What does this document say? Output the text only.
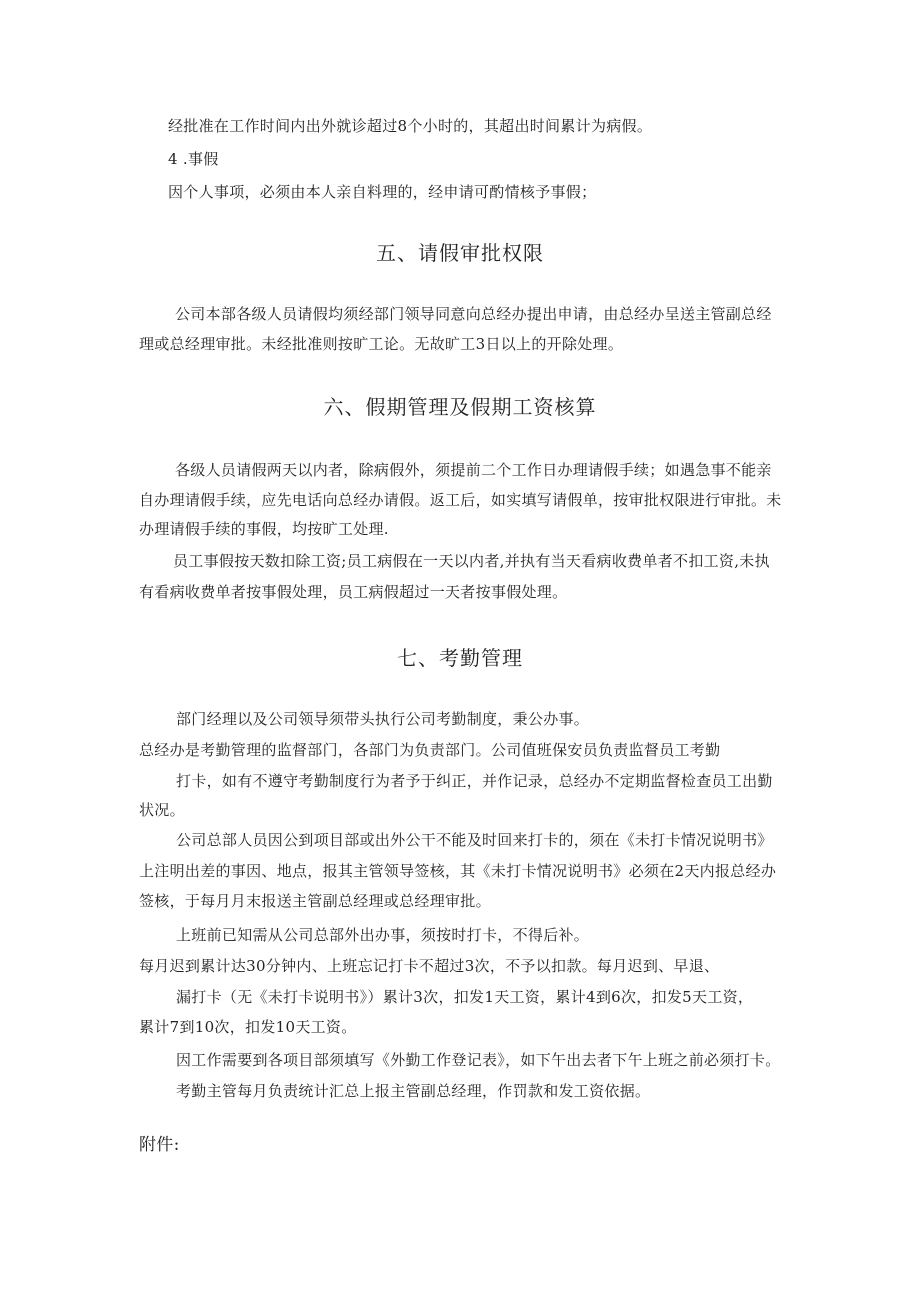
经批准在工作时间内出外就诊超过8个小时的，其超出时间累计为病假。
4 .事假
因个人事项，必须由本人亲自料理的，经申请可酌情核予事假；
五、请假审批权限
公司本部各级人员请假均须经部门领导同意向总经办提出申请，由总经办呈送主管副总经
理或总经理审批。未经批准则按旷工论。无故旷工3日以上的开除处理。
六、假期管理及假期工资核算
各级人员请假两天以内者，除病假外，须提前二个工作日办理请假手续；如遇急事不能亲
自办理请假手续，应先电话向总经办请假。返工后，如实填写请假单，按审批权限进行审批。未
办理请假手续的事假，均按旷工处理.
员工事假按天数扣除工资;员工病假在一天以内者,并执有当天看病收费单者不扣工资,未执
有看病收费单者按事假处理，员工病假超过一天者按事假处理。
七、考勤管理
部门经理以及公司领导须带头执行公司考勤制度，秉公办事。
总经办是考勤管理的监督部门，各部门为负责部门。公司值班保安员负责监督员工考勤
打卡，如有不遵守考勤制度行为者予于纠正，并作记录，总经办不定期监督检查员工出勤
状况。
公司总部人员因公到项目部或出外公干不能及时回来打卡的，须在《未打卡情况说明书》
上注明出差的事因、地点，报其主管领导签核，其《未打卡情况说明书》必须在2天内报总经办
签核，于每月月末报送主管副总经理或总经理审批。
上班前已知需从公司总部外出办事，须按时打卡，不得后补。
每月迟到累计达30分钟内、上班忘记打卡不超过3次，不予以扣款。每月迟到、早退、
漏打卡（无《未打卡说明书》）累计3次，扣发1天工资，累计4到6次，扣发5天工资，
累计7到10次，扣发10天工资。
因工作需要到各项目部须填写《外勤工作登记表》，如下午出去者下午上班之前必须打卡。
考勤主管每月负责统计汇总上报主管副总经理，作罚款和发工资依据。
附件:
